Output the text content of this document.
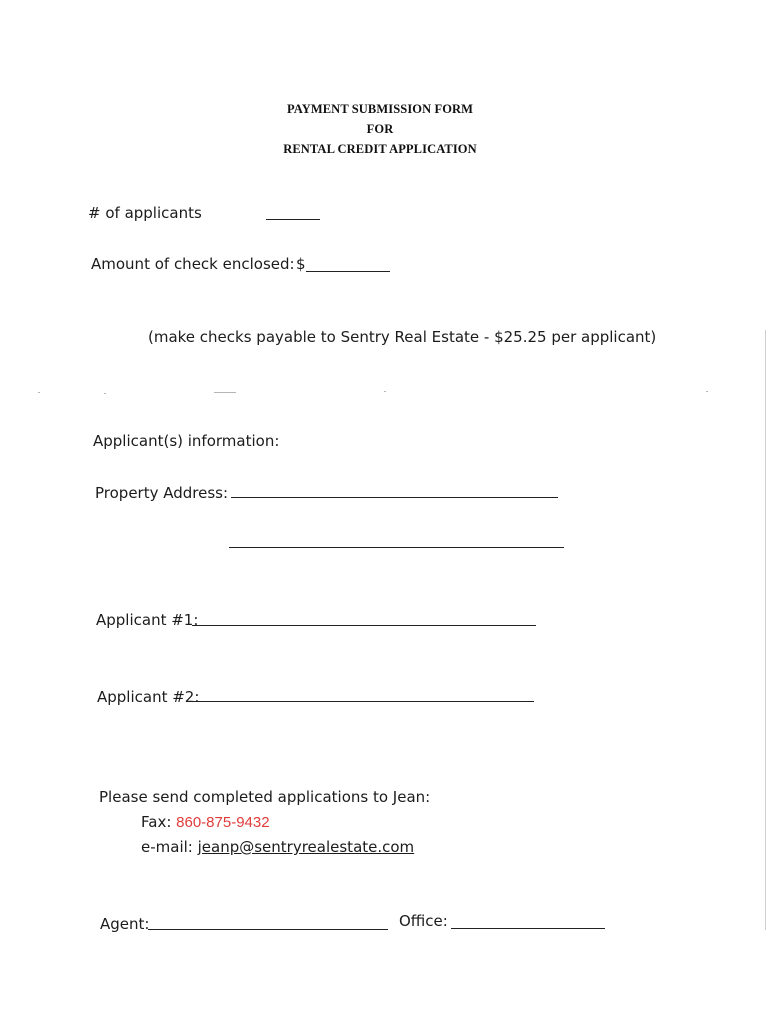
PAYMENT SUBMISSION FORM
FOR
RENTAL CREDIT APPLICATION
# of applicants
Amount of check enclosed: $
(make checks payable to Sentry Real Estate - $25.25 per applicant)
Applicant(s) information:
Property Address:
Applicant #1:
Applicant #2:
Please send completed applications to Jean:
Fax: 860-875-9432
e-mail: jeanp@sentryrealestate.com
Agent:	Office:
